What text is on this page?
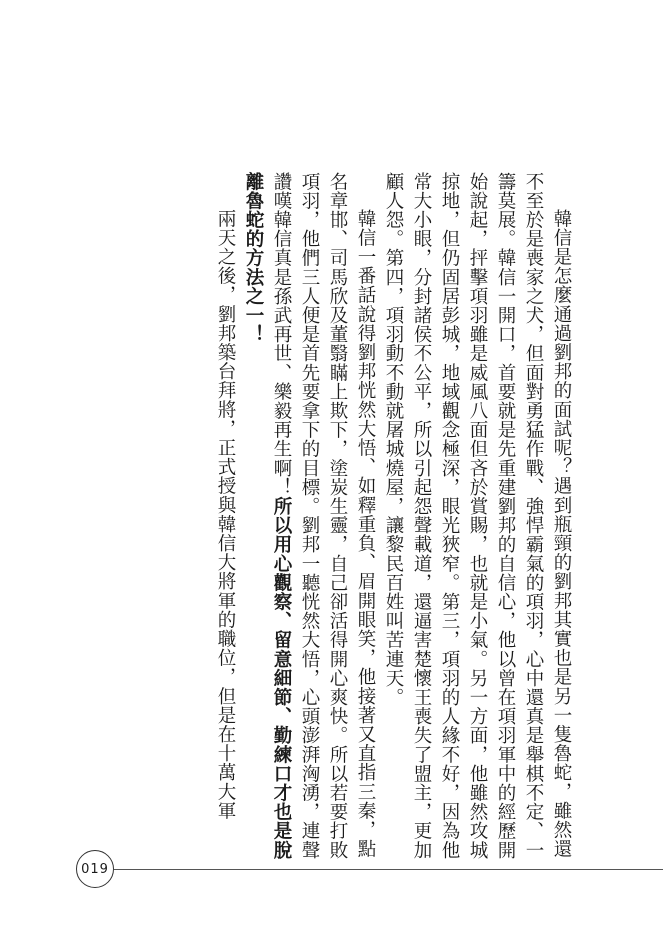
韓信是怎麼通過劉邦的面試呢？遇到瓶頸的劉邦其實也是另一隻魯蛇，雖然還不至於是喪家之犬，但面對勇猛作戰、強悍霸氣的項羽，心中還真是舉棋不定、一籌莫展。韓信一開口，首要就是先重建劉邦的自信心，他以曾在項羽軍中的經歷開始說起，抨擊項羽雖是威風八面但吝於賞賜，也就是小氣。另一方面，他雖然攻城掠地，但仍固居彭城，地域觀念極深，眼光狹窄。第三，項羽的人緣不好，因為他常大小眼，分封諸侯不公平，所以引起怨聲載道，還逼害楚懷王喪失了盟主，更加顧人怨。第四，項羽動不動就屠城燒屋，讓黎民百姓叫苦連天。

韓信一番話說得劉邦恍然大悟、如釋重負、眉開眼笑，他接著又直指三秦，點名章邯、司馬欣及董翳瞞上欺下，塗炭生靈，自己卻活得開心爽快。所以若要打敗項羽，他們三人便是首先要拿下的目標。劉邦一聽恍然大悟，心頭澎湃洶湧，連聲讚嘆韓信真是孫武再世、樂毅再生啊！所以用心觀察、留意細節、勤練口才也是脫離魯蛇的方法之一！

兩天之後，劉邦築台拜將，正式授與韓信大將軍的職位，但是在十萬大軍

019
